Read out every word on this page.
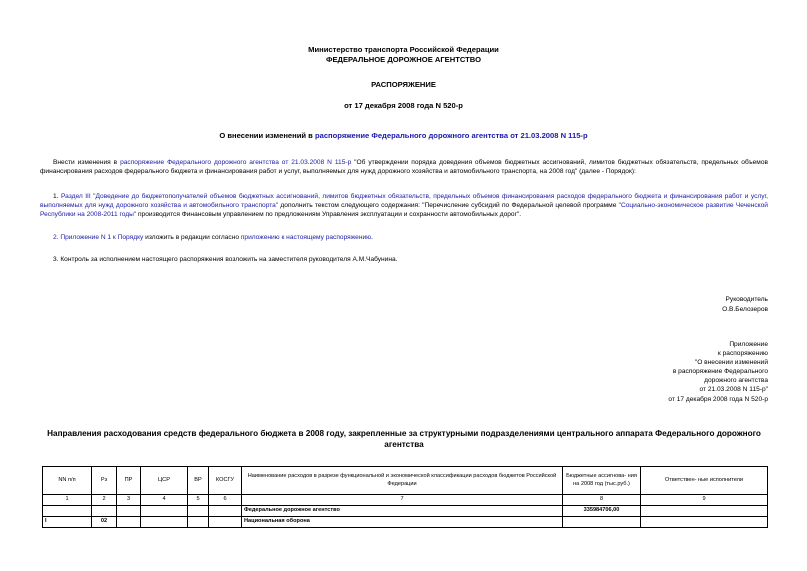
Министерство транспорта Российской Федерации
ФЕДЕРАЛЬНОЕ ДОРОЖНОЕ АГЕНТСТВО
РАСПОРЯЖЕНИЕ
от 17 декабря 2008 года N 520-р
О внесении изменений в распоряжение Федерального дорожного агентства от 21.03.2008 N 115-р

Внести изменения в распоряжение Федерального дорожного агентства от 21.03.2008 N 115-р "Об утверждении порядка доведения объемов бюджетных ассигнований, лимитов бюджетных обязательств, предельных объемов финансирования расходов федерального бюджета и финансирования работ и услуг, выполняемых для нужд дорожного хозяйства и автомобильного транспорта, на 2008 год" (далее - Порядок):

1. Раздел III "Доведение до бюджетополучателей объемов бюджетных ассигнований, лимитов бюджетных обязательств, предельных объемов финансирования расходов федерального бюджета и финансирования работ и услуг, выполняемых для нужд дорожного хозяйства и автомобильного транспорта" дополнить текстом следующего содержания: "Перечисление субсидий по Федеральной целевой программе "Социально-экономическое развитие Чеченской Республики на 2008-2011 годы" производится Финансовым управлением по предложениям Управления эксплуатации и сохранности автомобильных дорог".

2. Приложение N 1 к Порядку изложить в редакции согласно приложению к настоящему распоряжению.

3. Контроль за исполнением настоящего распоряжения возложить на заместителя руководителя А.М.Чабунина.

Руководитель
О.В.Белозеров
Приложение
к распоряжению
"О внесении изменений
в распоряжение Федерального
дорожного агентства
от 21.03.2008 N 115-р"
от 17 декабря 2008 года N 520-р
Направления расходования средств федерального бюджета в 2008 году, закрепленные за структурными подразделениями центрального аппарата Федерального дорожного агентства
NN п/п	Рз	ПР	ЦСР	ВР	КОСГУ	Наименование расходов в разрезе функциональной и экономической классификации расходов бюджетов Российской Федерации	Бюджетные ассигнова- ния на 2008 год (тыс.руб.)	Ответствен- ные исполнители
1	2	3	4	5	6	7	8	9
						Федеральное дорожное агентство	335984706,00	
I	02					Национальная оборона		
